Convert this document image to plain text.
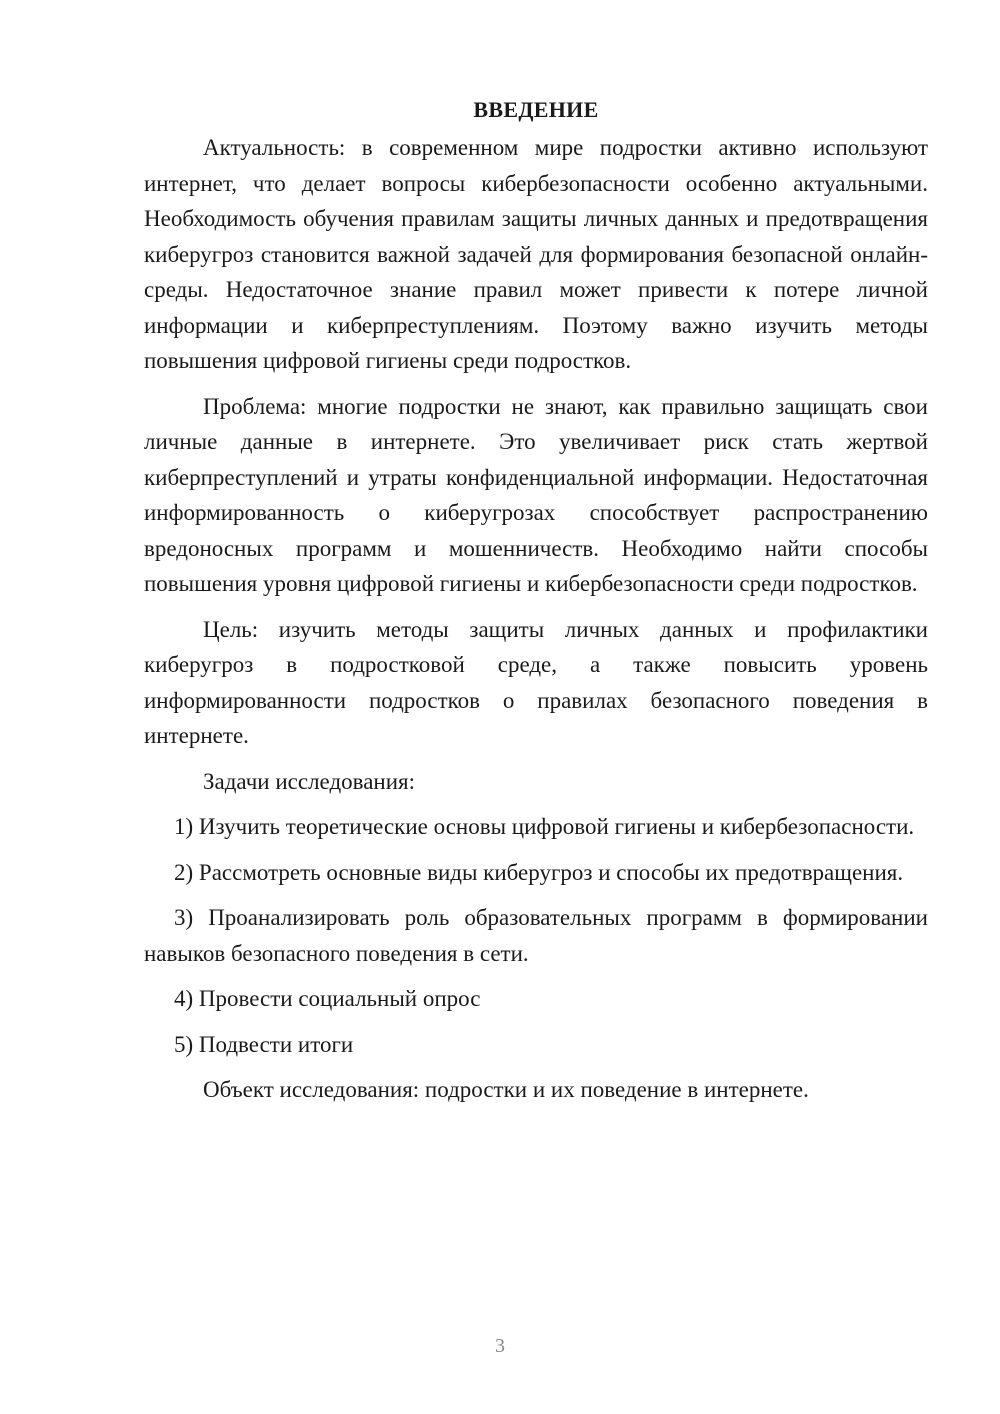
ВВЕДЕНИЕ

Актуальность: в современном мире подростки активно используют интернет, что делает вопросы кибербезопасности особенно актуальными. Необходимость обучения правилам защиты личных данных и предотвращения киберугроз становится важной задачей для формирования безопасной онлайн-среды. Недостаточное знание правил может привести к потере личной информации и киберпреступлениям. Поэтому важно изучить методы повышения цифровой гигиены среди подростков.

Проблема: многие подростки не знают, как правильно защищать свои личные данные в интернете. Это увеличивает риск стать жертвой киберпреступлений и утраты конфиденциальной информации. Недостаточная информированность о киберугрозах способствует распространению вредоносных программ и мошенничеств. Необходимо найти способы повышения уровня цифровой гигиены и кибербезопасности среди подростков.

Цель: изучить методы защиты личных данных и профилактики киберугроз в подростковой среде, а также повысить уровень информированности подростков о правилах безопасного поведения в интернете.

Задачи исследования:

1) Изучить теоретические основы цифровой гигиены и кибербезопасности.

2) Рассмотреть основные виды киберугроз и способы их предотвращения.

3) Проанализировать роль образовательных программ в формировании навыков безопасного поведения в сети.

4) Провести социальный опрос

5) Подвести итоги

Объект исследования: подростки и их поведение в интернете.

3
